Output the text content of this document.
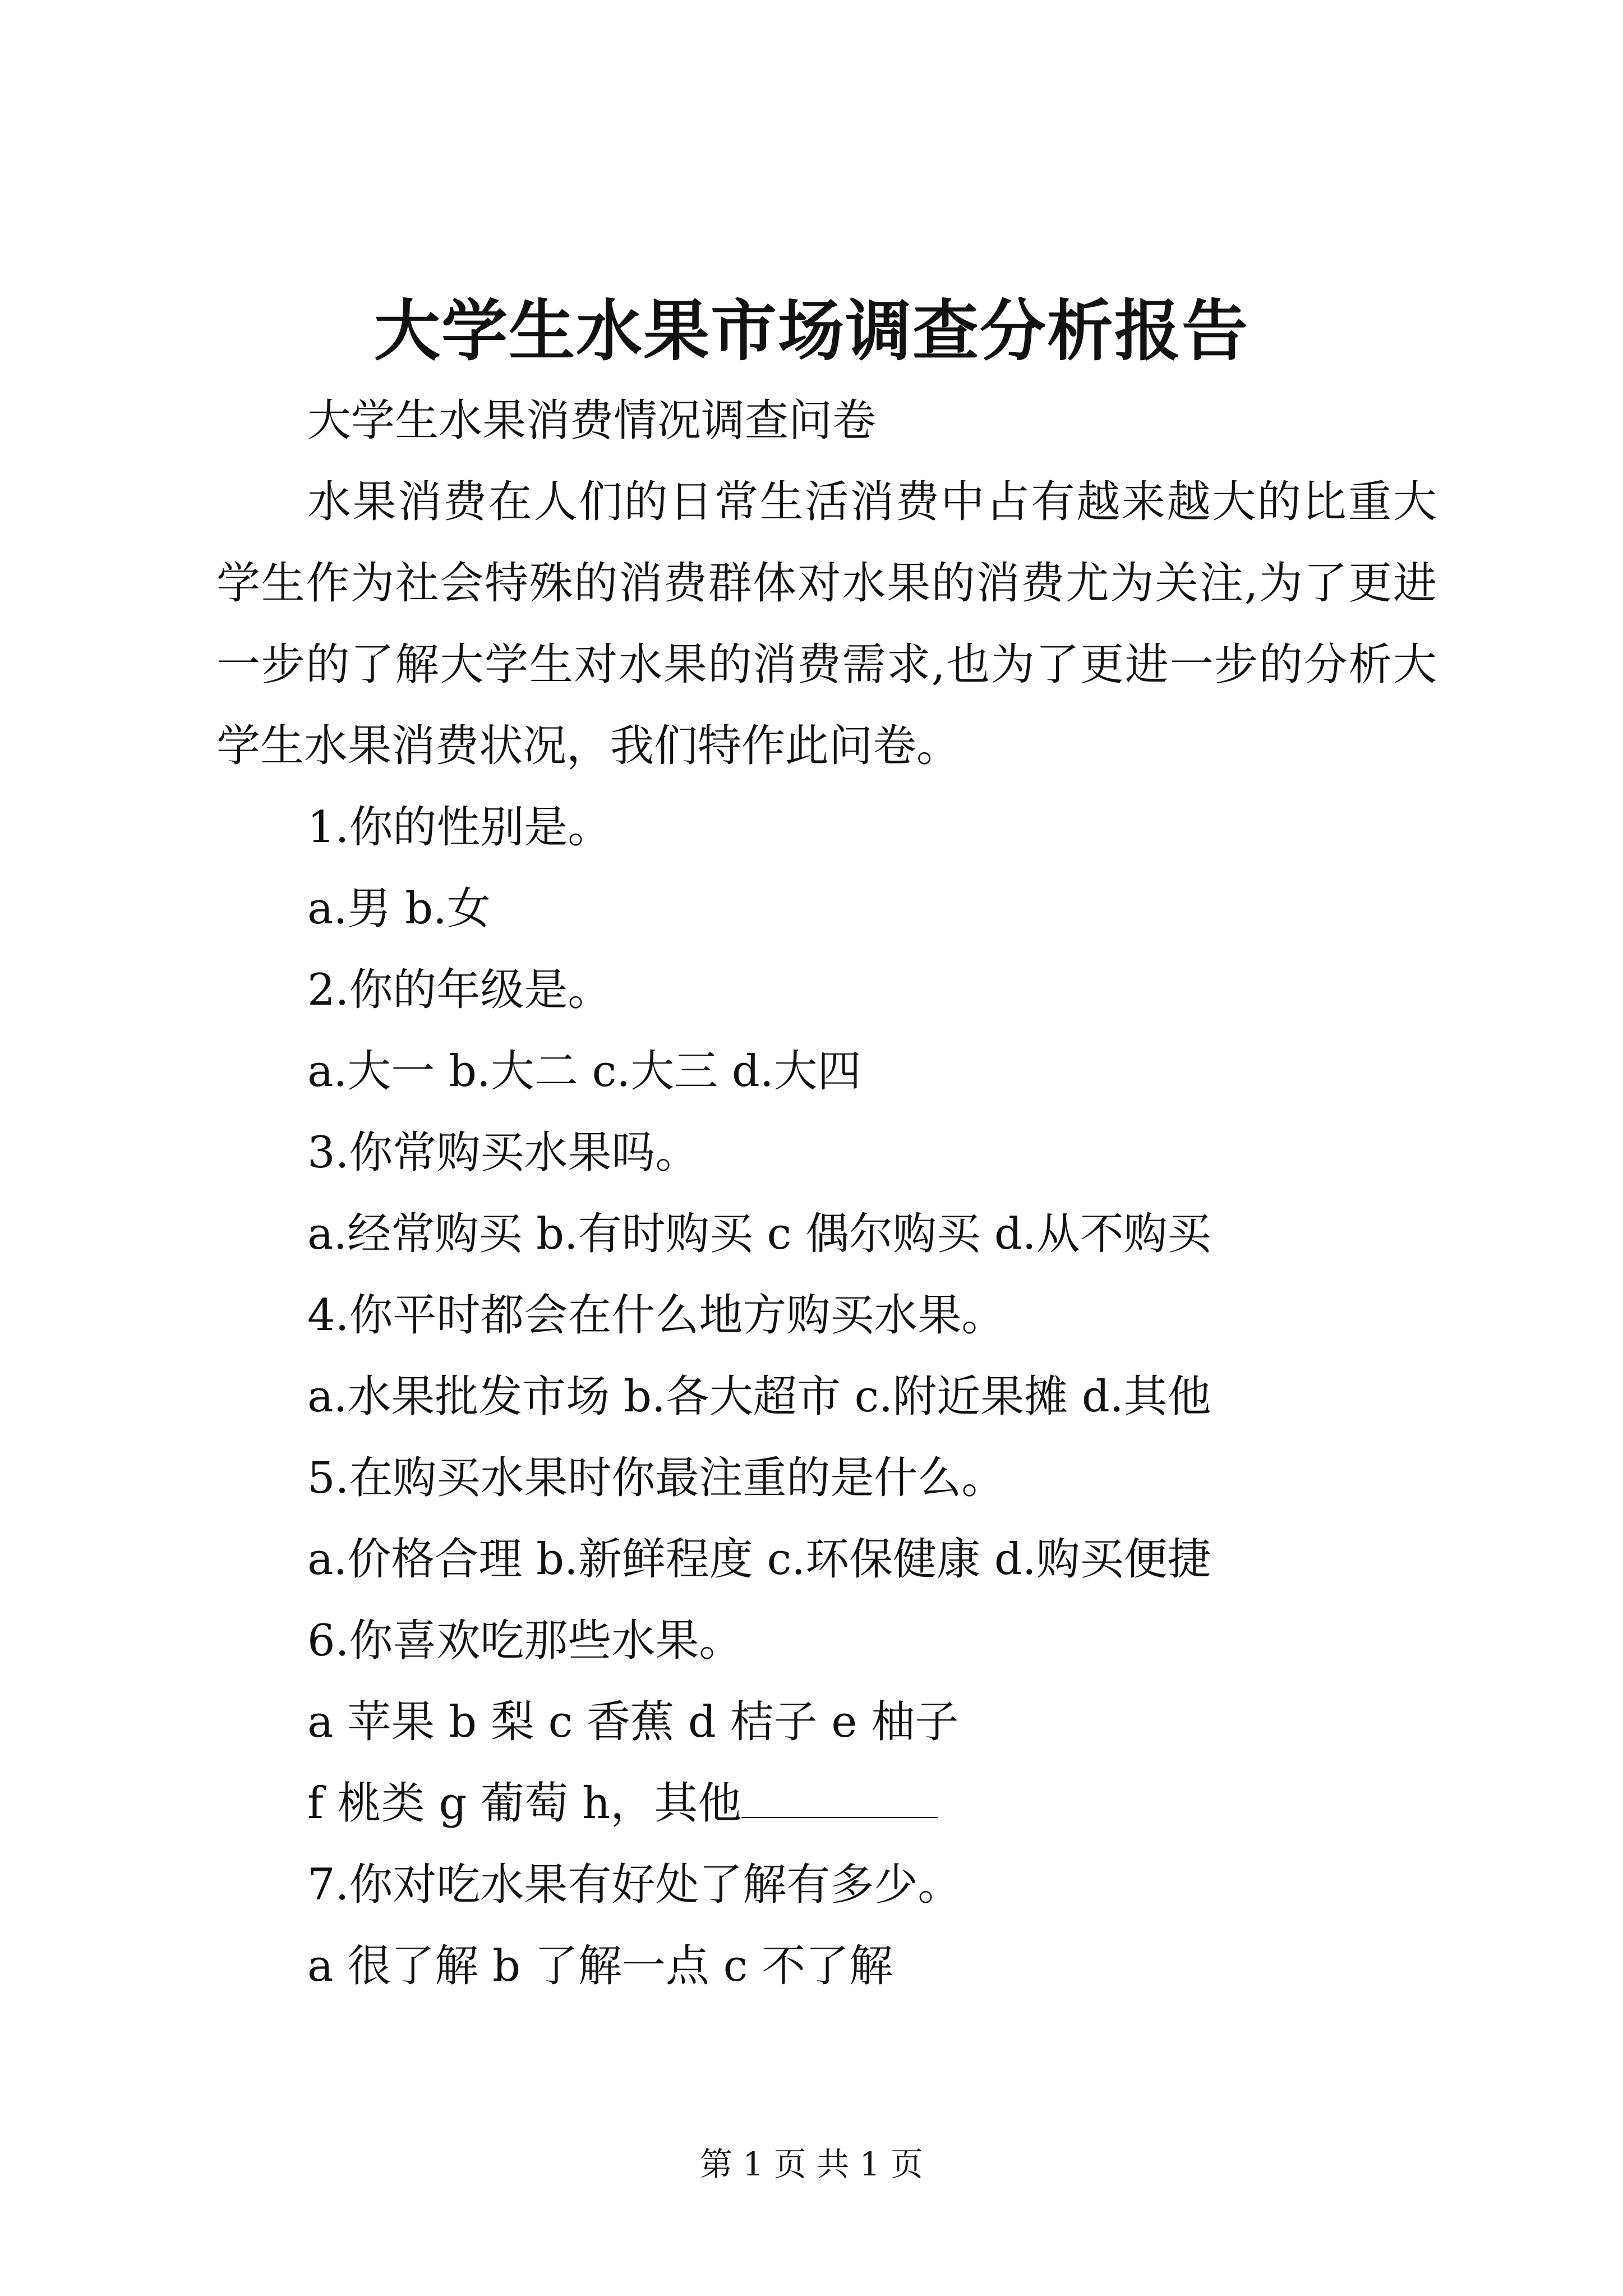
大学生水果市场调查分析报告
大学生水果消费情况调查问卷
水果消费在人们的日常生活消费中占有越来越大的比重大
学生作为社会特殊的消费群体对水果的消费尤为关注,为了更进
一步的了解大学生对水果的消费需求,也为了更进一步的分析大
学生水果消费状况，我们特作此问卷。
1.你的性别是。
a.男 b.女
2.你的年级是。
a.大一 b.大二 c.大三 d.大四
3.你常购买水果吗。
a.经常购买 b.有时购买 c 偶尔购买 d.从不购买
4.你平时都会在什么地方购买水果。
a.水果批发市场 b.各大超市 c.附近果摊 d.其他
5.在购买水果时你最注重的是什么。
a.价格合理 b.新鲜程度 c.环保健康 d.购买便捷
6.你喜欢吃那些水果。
a 苹果 b 梨 c 香蕉 d 桔子 e 柚子
f 桃类 g 葡萄 h，其他
7.你对吃水果有好处了解有多少。
a 很了解 b 了解一点 c 不了解
第 1 页 共 1 页
